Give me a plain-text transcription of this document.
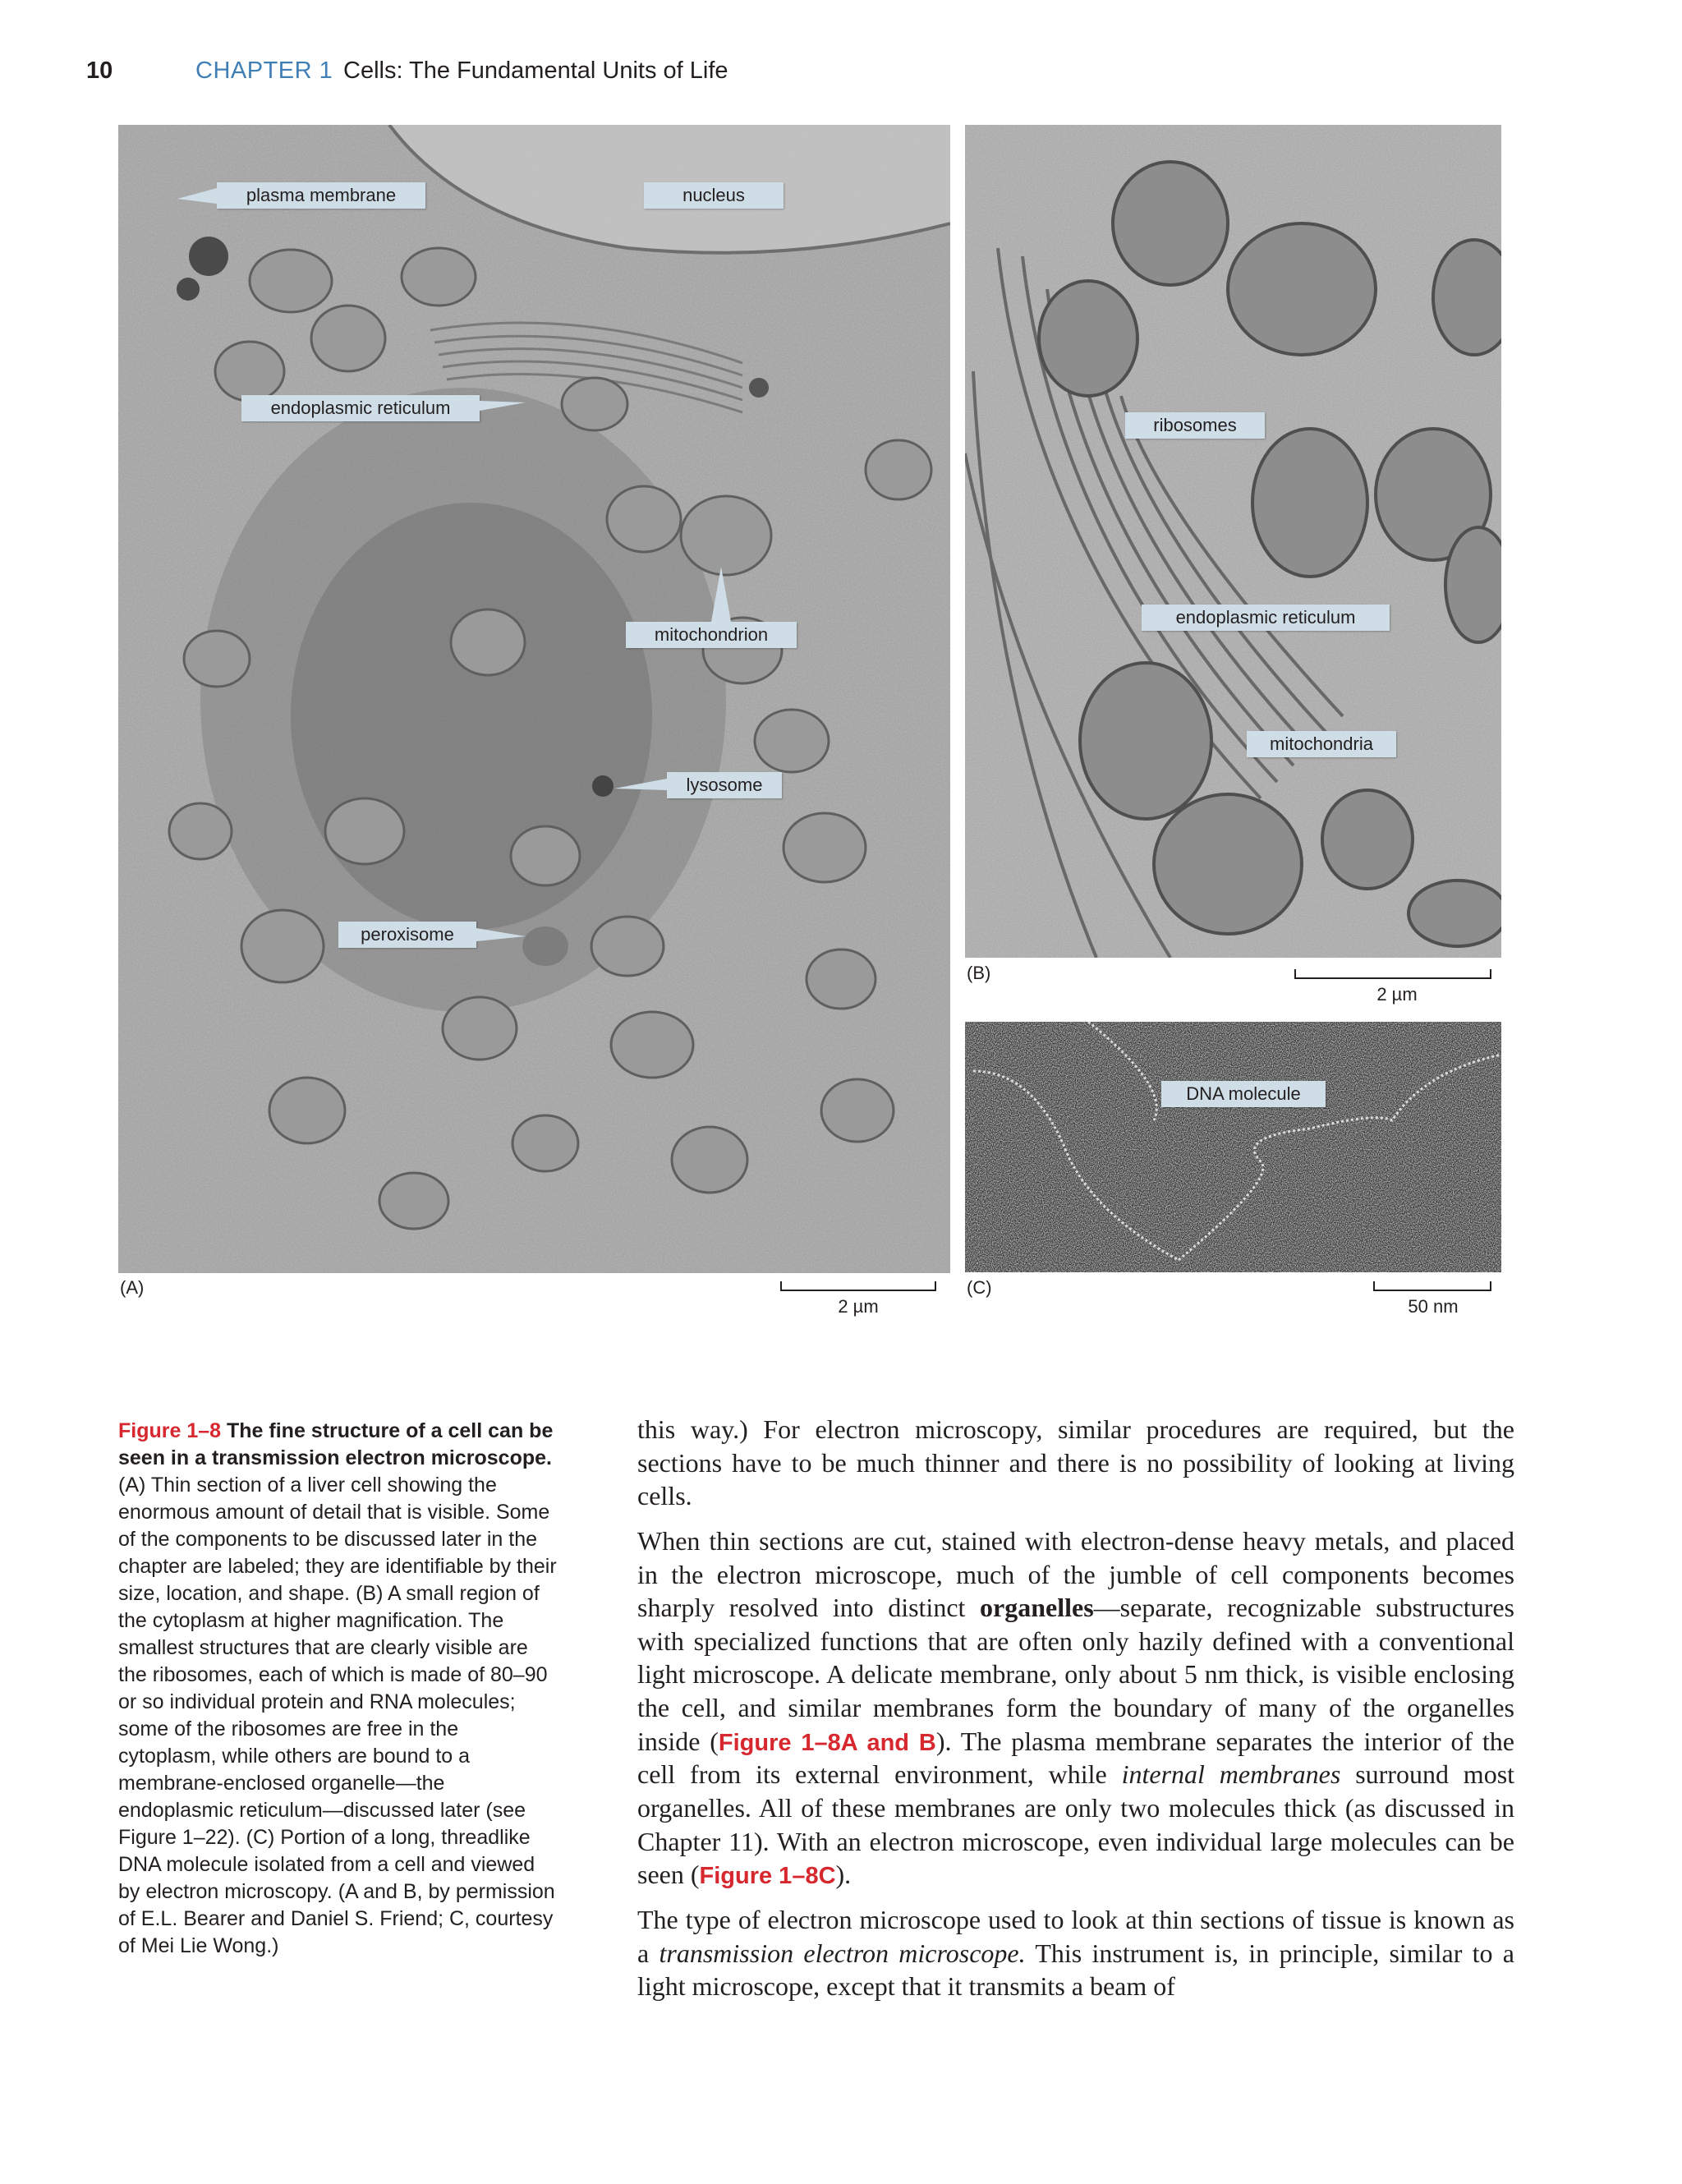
10	CHAPTER 1 Cells: The Fundamental Units of Life
plasma membrane	nucleus
endoplasmic reticulum
mitochondrion
lysosome
peroxisome
(A)
2 µm
ribosomes
endoplasmic reticulum
mitochondria
(B)
2 µm
DNA molecule
(C)
50 nm
Figure 1–8 The fine structure of a cell can be seen in a transmission electron microscope. (A) Thin section of a liver cell showing the enormous amount of detail that is visible. Some of the components to be discussed later in the chapter are labeled; they are identifiable by their size, location, and shape. (B) A small region of the cytoplasm at higher magnification. The smallest structures that are clearly visible are the ribosomes, each of which is made of 80–90 or so individual protein and RNA molecules; some of the ribosomes are free in the cytoplasm, while others are bound to a membrane-enclosed organelle—the endoplasmic reticulum—discussed later (see Figure 1–22). (C) Portion of a long, threadlike DNA molecule isolated from a cell and viewed by electron microscopy. (A and B, by permission of E.L. Bearer and Daniel S. Friend; C, courtesy of Mei Lie Wong.)

this way.) For electron microscopy, similar procedures are required, but the sections have to be much thinner and there is no possibility of looking at living cells.

When thin sections are cut, stained with electron-dense heavy metals, and placed in the electron microscope, much of the jumble of cell components becomes sharply resolved into distinct organelles—separate, recognizable substructures with specialized functions that are often only hazily defined with a conventional light microscope. A delicate membrane, only about 5 nm thick, is visible enclosing the cell, and similar membranes form the boundary of many of the organelles inside (Figure 1–8A and B). The plasma membrane separates the interior of the cell from its external environment, while internal membranes surround most organelles. All of these membranes are only two molecules thick (as discussed in Chapter 11). With an electron microscope, even individual large molecules can be seen (Figure 1–8C).

The type of electron microscope used to look at thin sections of tissue is known as a transmission electron microscope. This instrument is, in principle, similar to a light microscope, except that it transmits a beam of
